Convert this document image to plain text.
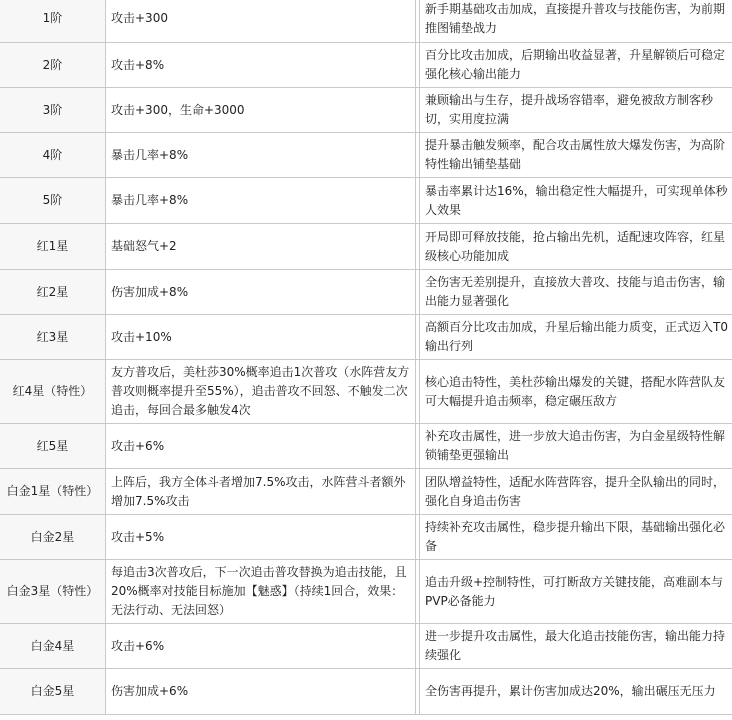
1阶	攻击+300		新手期基础攻击加成，直接提升普攻与技能伤害，为前期推图铺垫战力
2阶	攻击+8%		百分比攻击加成，后期输出收益显著，升星解锁后可稳定强化核心输出能力
3阶	攻击+300，生命+3000		兼顾输出与生存，提升战场容错率，避免被敌方制客秒切，实用度拉满
4阶	暴击几率+8%		提升暴击触发频率，配合攻击属性放大爆发伤害，为高阶特性输出铺垫基础
5阶	暴击几率+8%		暴击率累计达16%，输出稳定性大幅提升，可实现单体秒人效果
红1星	基础怒气+2		开局即可释放技能，抢占输出先机，适配速攻阵容，红星级核心功能加成
红2星	伤害加成+8%		全伤害无差别提升，直接放大普攻、技能与追击伤害，输出能力显著强化
红3星	攻击+10%		高额百分比攻击加成，升星后输出能力质变，正式迈入T0输出行列
红4星（特性）	友方普攻后，美杜莎30%概率追击1次普攻（水阵营友方普攻则概率提升至55%），追击普攻不回怒、不触发二次追击，每回合最多触发4次		核心追击特性，美杜莎输出爆发的关键，搭配水阵营队友可大幅提升追击频率，稳定碾压敌方
红5星	攻击+6%		补充攻击属性，进一步放大追击伤害，为白金星级特性解锁铺垫更强输出
白金1星（特性）	上阵后，我方全体斗者增加7.5%攻击，水阵营斗者额外增加7.5%攻击		团队增益特性，适配水阵营阵容，提升全队输出的同时，强化自身追击伤害
白金2星	攻击+5%		持续补充攻击属性，稳步提升输出下限，基础输出强化必备
白金3星（特性）	每追击3次普攻后，下一次追击普攻替换为追击技能，且20%概率对技能目标施加【魅惑】（持续1回合，效果：无法行动、无法回怒）		追击升级+控制特性，可打断敌方关键技能，高难副本与PVP必备能力
白金4星	攻击+6%		进一步提升攻击属性，最大化追击技能伤害，输出能力持续强化
白金5星	伤害加成+6%		全伤害再提升，累计伤害加成达20%，输出碾压无压力
